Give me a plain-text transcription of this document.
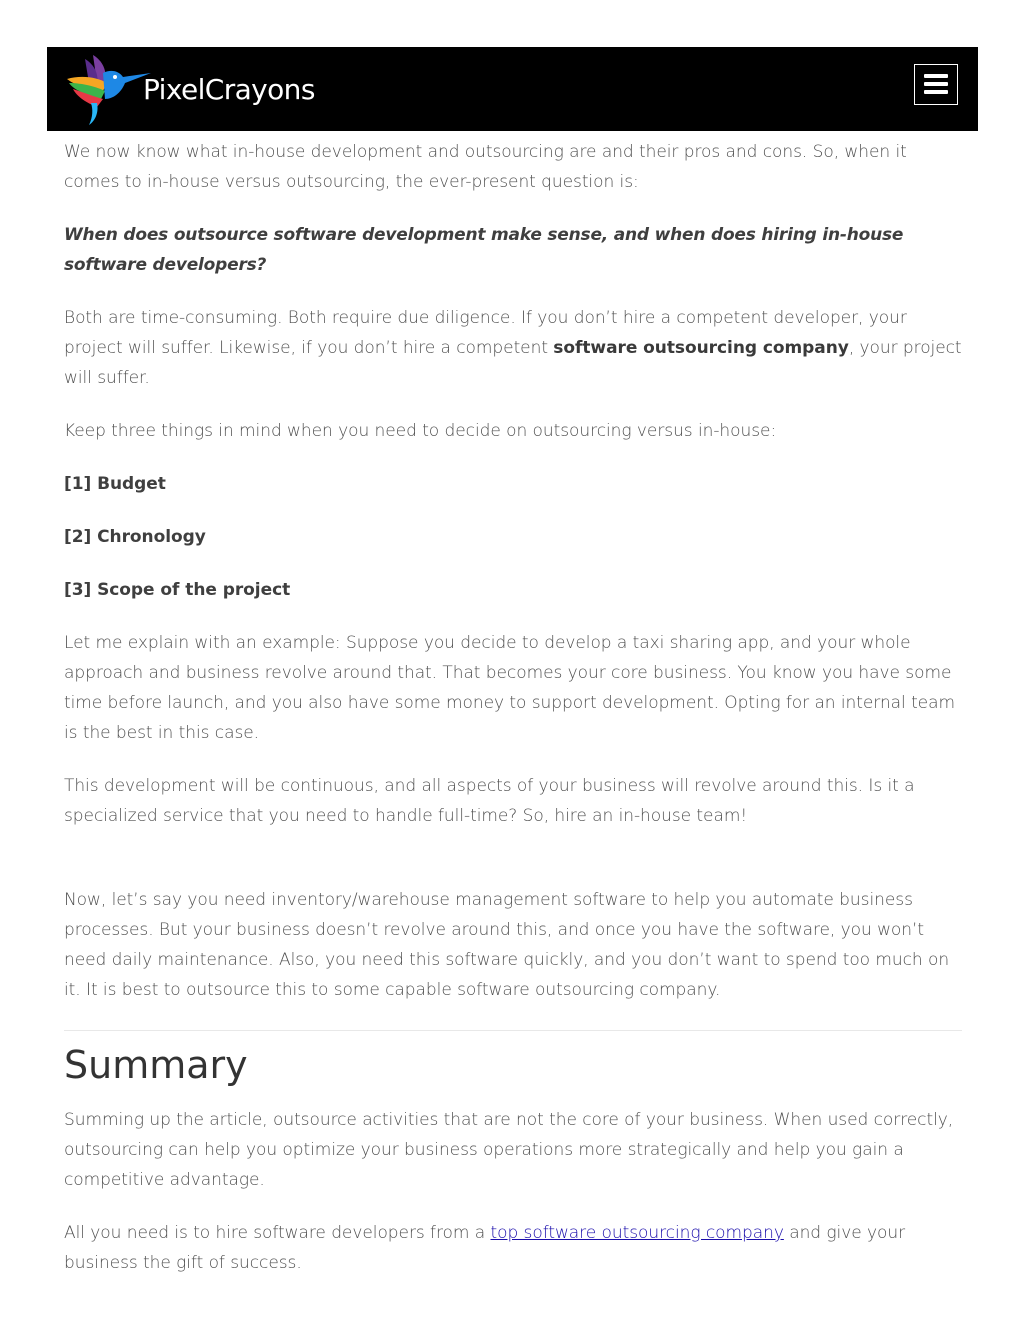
PixelCrayons

We now know what in-house development and outsourcing are and their pros and cons. So, when it comes to in-house versus outsourcing, the ever-present question is:

When does outsource software development make sense, and when does hiring in-house software developers?

Both are time-consuming. Both require due diligence. If you don’t hire a competent developer, your project will suffer. Likewise, if you don’t hire a competent software outsourcing company, your project will suffer.

Keep three things in mind when you need to decide on outsourcing versus in-house:

[1] Budget

[2] Chronology

[3] Scope of the project

Let me explain with an example: Suppose you decide to develop a taxi sharing app, and your whole approach and business revolve around that. That becomes your core business. You know you have some time before launch, and you also have some money to support development. Opting for an internal team is the best in this case.

This development will be continuous, and all aspects of your business will revolve around this. Is it a specialized service that you need to handle full-time? So, hire an in-house team!

Now, let’s say you need inventory/warehouse management software to help you automate business processes. But your business doesn’t revolve around this, and once you have the software, you won’t need daily maintenance. Also, you need this software quickly, and you don’t want to spend too much on it. It is best to outsource this to some capable software outsourcing company.

Summary

Summing up the article, outsource activities that are not the core of your business. When used correctly, outsourcing can help you optimize your business operations more strategically and help you gain a competitive advantage.

All you need is to hire software developers from a top software outsourcing company and give your business the gift of success.
